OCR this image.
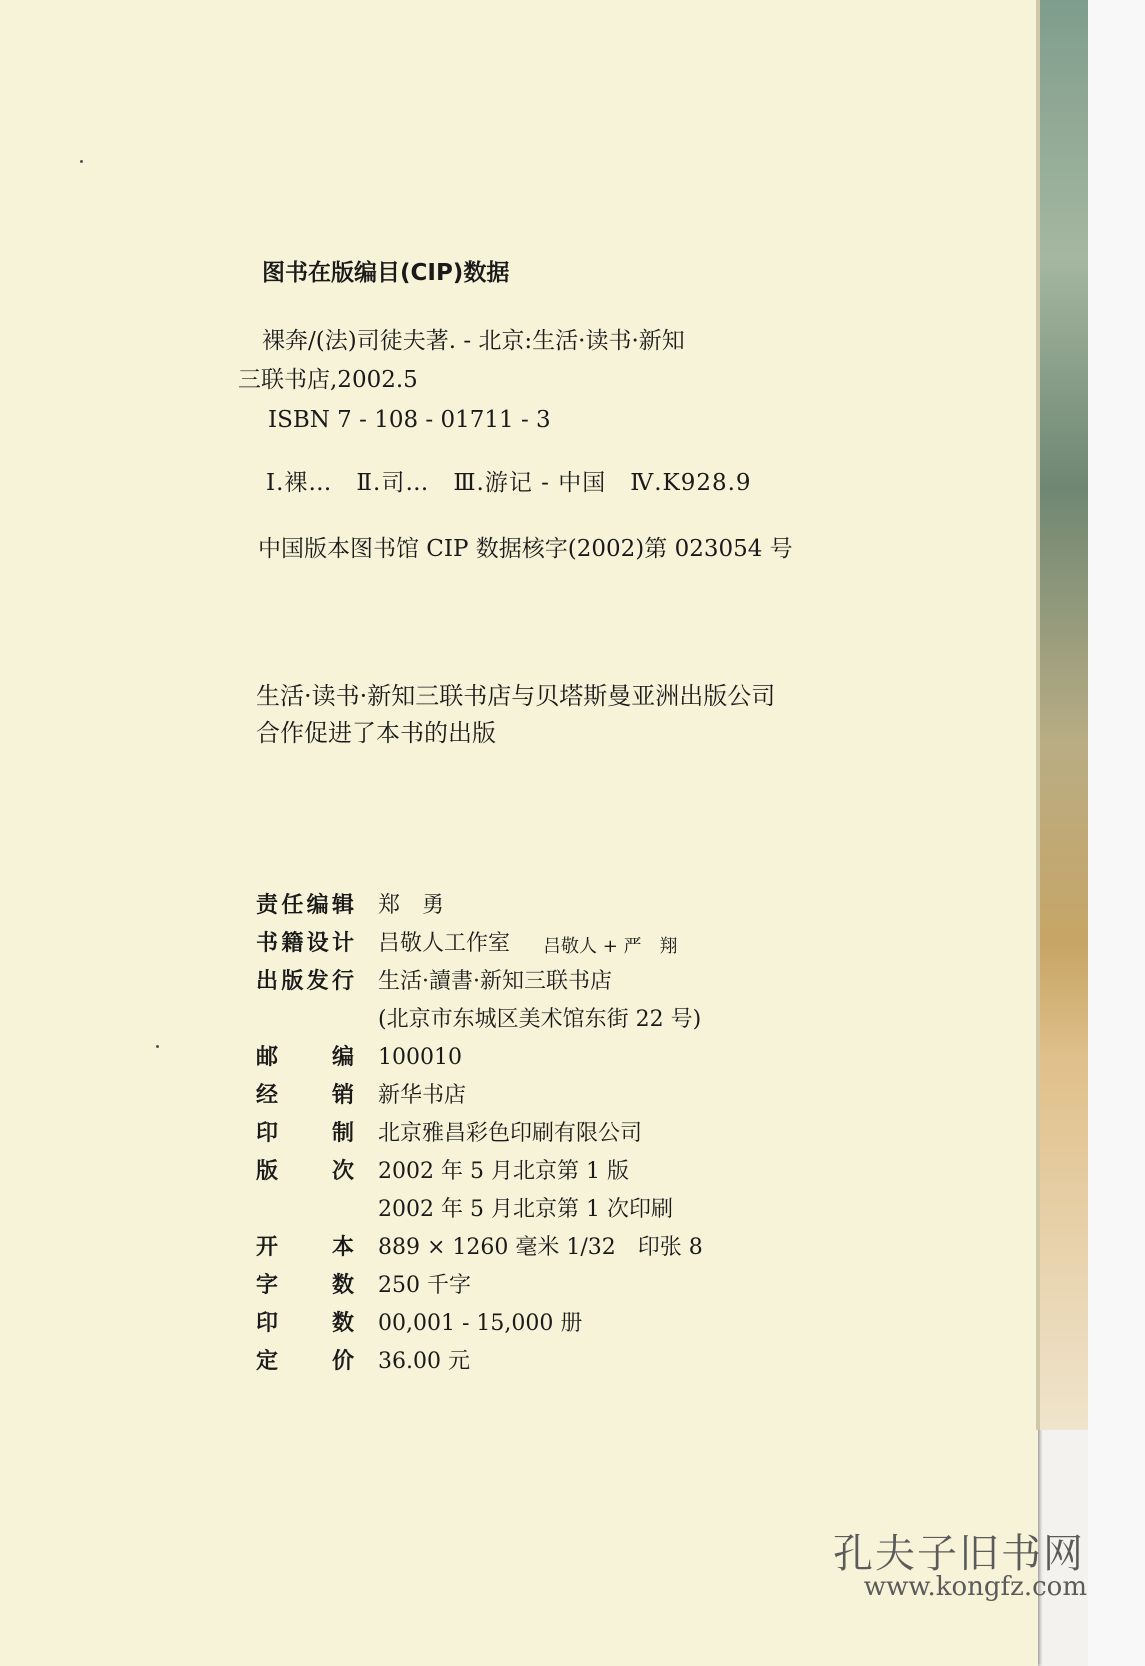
图书在版编目(CIP)数据
裸奔/(法)司徒夫著. - 北京:生活·读书·新知
三联书店,2002.5
ISBN 7 - 108 - 01711 - 3
Ⅰ.裸…　Ⅱ.司…　Ⅲ.游记 - 中国　Ⅳ.K928.9
中国版本图书馆 CIP 数据核字(2002)第 023054 号
生活·读书·新知三联书店与贝塔斯曼亚洲出版公司
合作促进了本书的出版
责任编辑 郑　勇
书籍设计 吕敬人工作室 吕敬人 + 严　翔
出版发行 生活·讀書·新知三联书店
(北京市东城区美术馆东街 22 号)
邮编 100010
经销 新华书店
印制 北京雅昌彩色印刷有限公司
版次 2002 年 5 月北京第 1 版
2002 年 5 月北京第 1 次印刷
开本 889 × 1260 毫米 1/32　印张 8
字数 250 千字
印数 00,001 - 15,000 册
定价 36.00 元
孔夫子旧书网
www.kongfz.com
